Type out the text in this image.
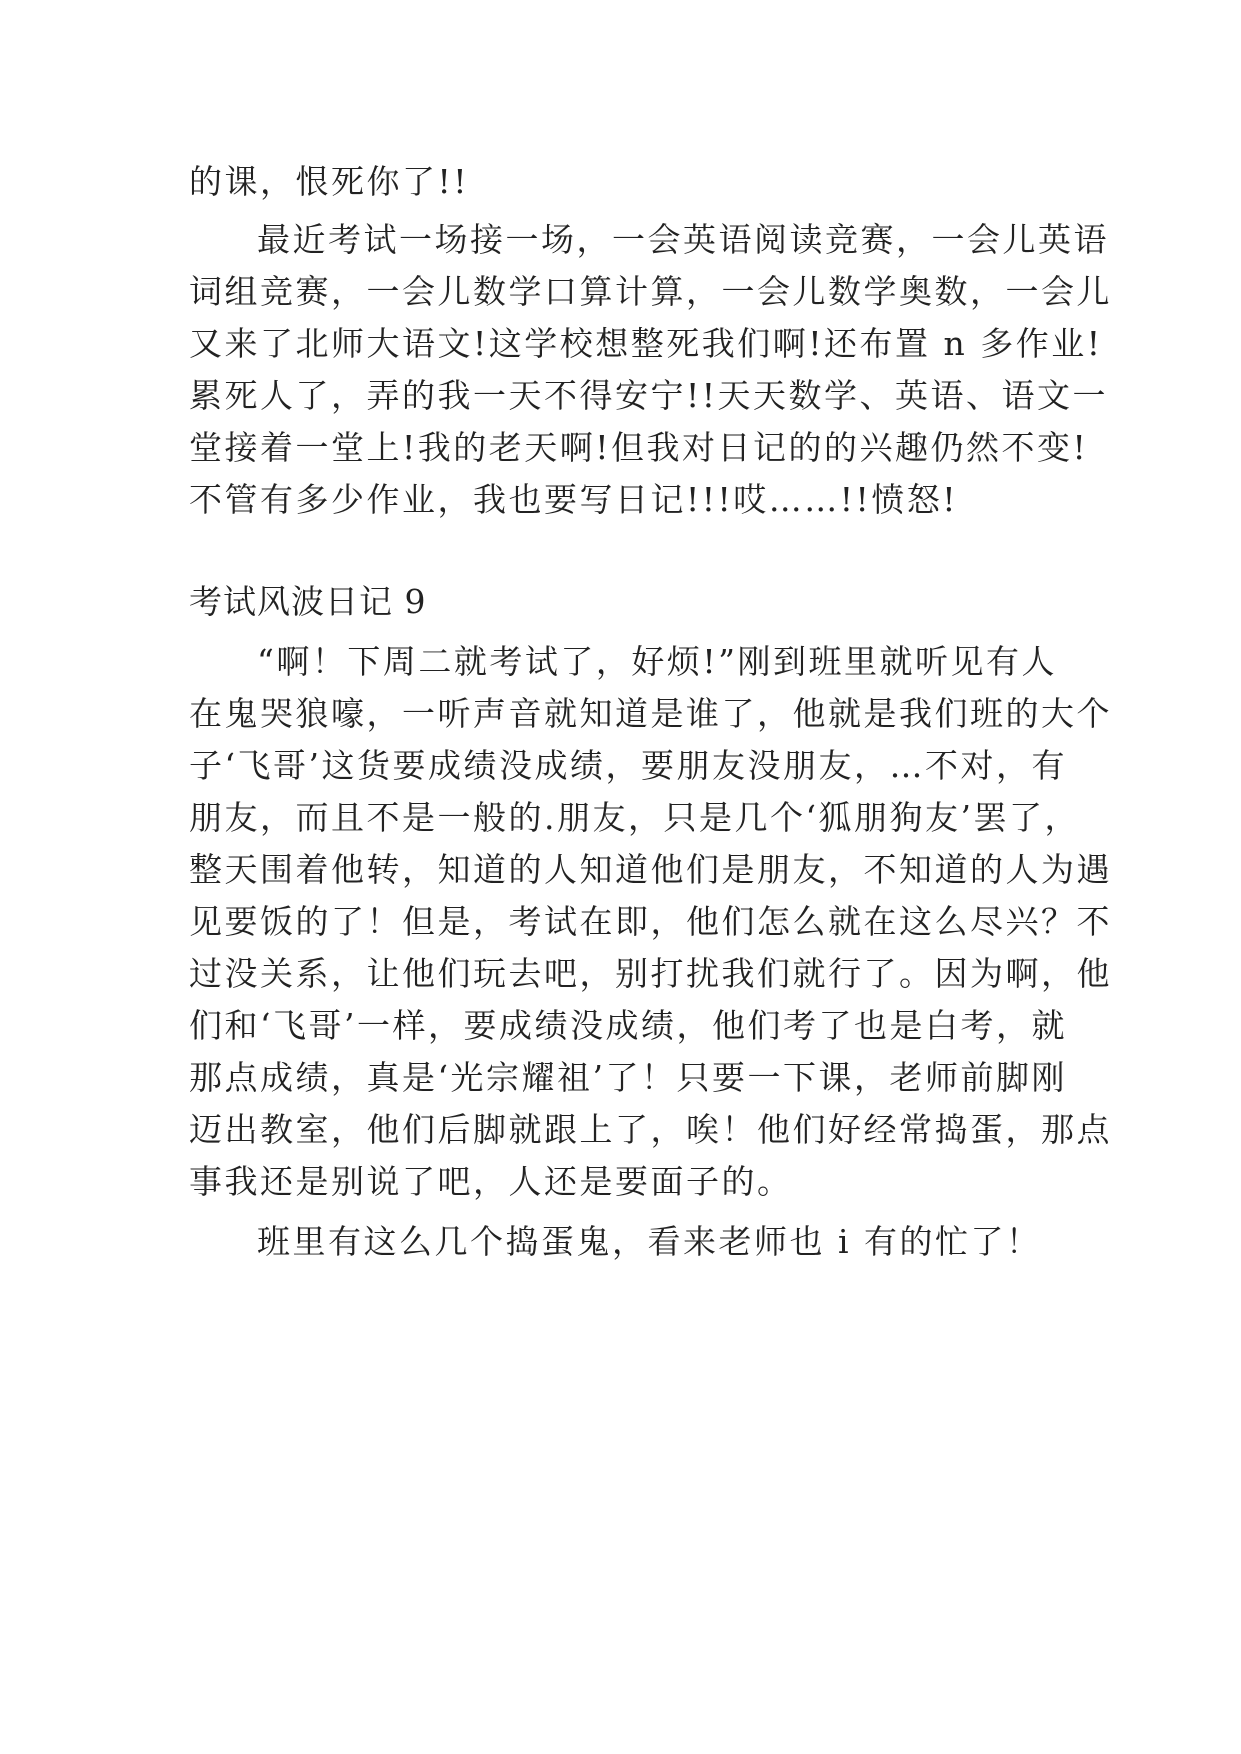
的课，恨死你了!!
最近考试一场接一场，一会英语阅读竞赛，一会儿英语
词组竞赛，一会儿数学口算计算，一会儿数学奥数，一会儿
又来了北师大语文!这学校想整死我们啊!还布置 n 多作业!
累死人了，弄的我一天不得安宁!!天天数学、英语、语文一
堂接着一堂上!我的老天啊!但我对日记的的兴趣仍然不变!
不管有多少作业，我也要写日记!!!哎……!!愤怒!
考试风波日记 9
“啊！下周二就考试了，好烦!”刚到班里就听见有人
在鬼哭狼嚎，一听声音就知道是谁了，他就是我们班的大个
子‘飞哥’这货要成绩没成绩，要朋友没朋友，…不对，有
朋友，而且不是一般的.朋友，只是几个‘狐朋狗友’罢了，
整天围着他转，知道的人知道他们是朋友，不知道的人为遇
见要饭的了！但是，考试在即，他们怎么就在这么尽兴？不
过没关系，让他们玩去吧，别打扰我们就行了。因为啊，他
们和‘飞哥’一样，要成绩没成绩，他们考了也是白考，就
那点成绩，真是‘光宗耀祖’了！只要一下课，老师前脚刚
迈出教室，他们后脚就跟上了，唉！他们好经常捣蛋，那点
事我还是别说了吧，人还是要面子的。
班里有这么几个捣蛋鬼，看来老师也 i 有的忙了！
